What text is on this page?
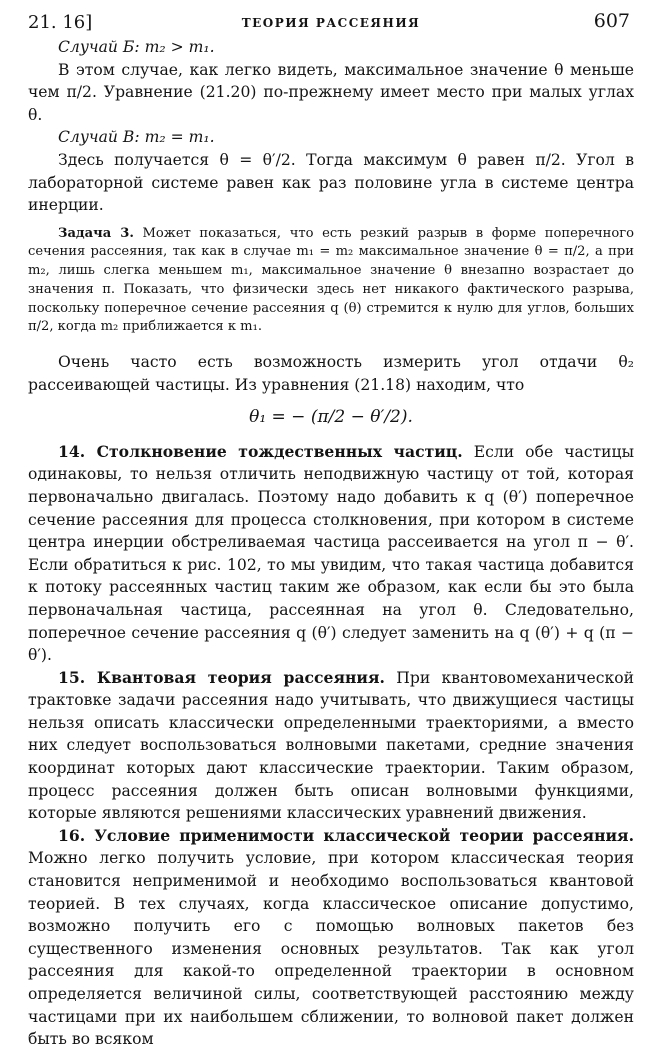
21. 16]	ТЕОРИЯ РАССЕЯНИЯ	607

Случай Б: m₂ > m₁.

В этом случае, как легко видеть, максимальное значение θ меньше чем π/2. Уравнение (21.20) по-прежнему имеет место при малых углах θ.

Случай В: m₂ = m₁.

Здесь получается θ = θ′/2. Тогда максимум θ равен π/2. Угол в лабораторной системе равен как раз половине угла в системе центра инерции.

Задача 3. Может показаться, что есть резкий разрыв в форме поперечного сечения рассеяния, так как в случае m₁ = m₂ максимальное значение θ = π/2, а при m₂, лишь слегка меньшем m₁, максимальное значение θ внезапно возрастает до значения π. Показать, что физически здесь нет никакого фактического разрыва, поскольку поперечное сечение рассеяния q (θ) стремится к нулю для углов, больших π/2, когда m₂ приближается к m₁.

Очень часто есть возможность измерить угол отдачи θ₂ рассеивающей частицы. Из уравнения (21.18) находим, что

θ₁ = − (π/2 − θ′/2).

14. Столкновение тождественных частиц. Если обе частицы одинаковы, то нельзя отличить неподвижную частицу от той, которая первоначально двигалась. Поэтому надо добавить к q (θ′) поперечное сечение рассеяния для процесса столкновения, при котором в системе центра инерции обстреливаемая частица рассеивается на угол π − θ′. Если обратиться к рис. 102, то мы увидим, что такая частица добавится к потоку рассеянных частиц таким же образом, как если бы это была первоначальная частица, рассеянная на угол θ. Следовательно, поперечное сечение рассеяния q (θ′) следует заменить на q (θ′) + q (π − θ′).

15. Квантовая теория рассеяния. При квантовомеханической трактовке задачи рассеяния надо учитывать, что движущиеся частицы нельзя описать классически определенными траекториями, а вместо них следует воспользоваться волновыми пакетами, средние значения координат которых дают классические траектории. Таким образом, процесс рассеяния должен быть описан волновыми функциями, которые являются решениями классических уравнений движения.

16. Условие применимости классической теории рассеяния. Можно легко получить условие, при котором классическая теория становится неприменимой и необходимо воспользоваться квантовой теорией. В тех случаях, когда классическое описание допустимо, возможно получить его с помощью волновых пакетов без существенного изменения основных результатов. Так как угол рассеяния для какой-то определенной траектории в основном определяется величиной силы, соответствующей расстоянию между частицами при их наибольшем сближении, то волновой пакет должен быть во всяком
